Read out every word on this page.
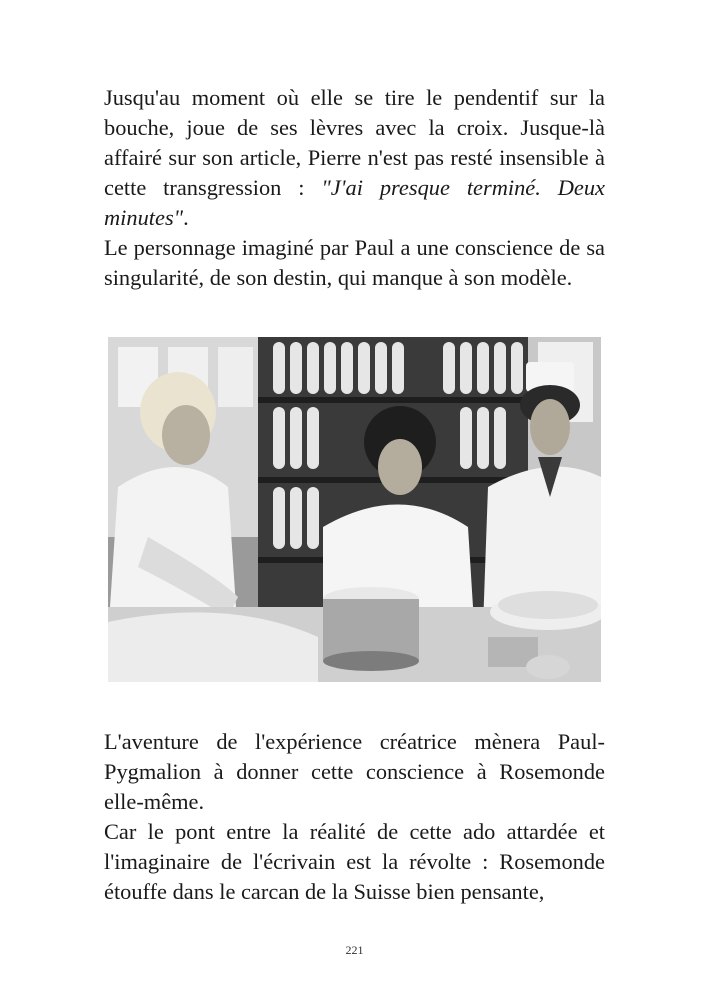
Jusqu'au moment où elle se tire le pendentif sur la bouche, joue de ses lèvres avec la croix. Jusque-là affairé sur son article, Pierre n'est pas resté insensible à cette transgression : "J'ai presque terminé. Deux minutes".

Le personnage imaginé par Paul a une conscience de sa singularité, de son destin, qui manque à son modèle.

L'aventure de l'expérience créatrice mènera Paul-Pygmalion à donner cette conscience à Rosemonde elle-même.

Car le pont entre la réalité de cette ado attardée et l'imaginaire de l'écrivain est la révolte : Rosemonde étouffe dans le carcan de la Suisse bien pensante,

221
